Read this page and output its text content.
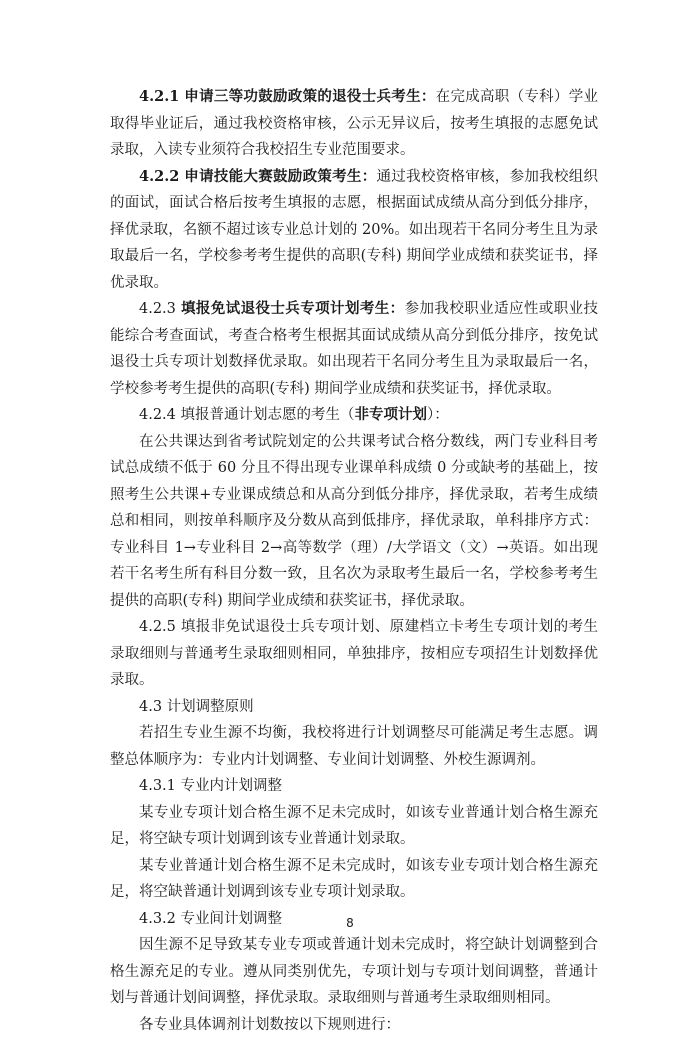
4.2.1 申请三等功鼓励政策的退役士兵考生：在完成高职（专科）学业取得毕业证后，通过我校资格审核，公示无异议后，按考生填报的志愿免试录取，入读专业须符合我校招生专业范围要求。

4.2.2 申请技能大赛鼓励政策考生：通过我校资格审核，参加我校组织的面试，面试合格后按考生填报的志愿，根据面试成绩从高分到低分排序，择优录取，名额不超过该专业总计划的 20%。如出现若干名同分考生且为录取最后一名，学校参考考生提供的高职(专科) 期间学业成绩和获奖证书，择优录取。

4.2.3 填报免试退役士兵专项计划考生：参加我校职业适应性或职业技能综合考查面试，考查合格考生根据其面试成绩从高分到低分排序，按免试退役士兵专项计划数择优录取。如出现若干名同分考生且为录取最后一名，学校参考考生提供的高职(专科) 期间学业成绩和获奖证书，择优录取。

4.2.4 填报普通计划志愿的考生（非专项计划）：

在公共课达到省考试院划定的公共课考试合格分数线，两门专业科目考试总成绩不低于 60 分且不得出现专业课单科成绩 0 分或缺考的基础上，按照考生公共课+专业课成绩总和从高分到低分排序，择优录取，若考生成绩总和相同，则按单科顺序及分数从高到低排序，择优录取，单科排序方式：专业科目 1→专业科目 2→高等数学（理）/大学语文（文）→英语。如出现若干名考生所有科目分数一致，且名次为录取考生最后一名，学校参考考生提供的高职(专科) 期间学业成绩和获奖证书，择优录取。

4.2.5 填报非免试退役士兵专项计划、原建档立卡考生专项计划的考生录取细则与普通考生录取细则相同，单独排序，按相应专项招生计划数择优录取。

4.3 计划调整原则

若招生专业生源不均衡，我校将进行计划调整尽可能满足考生志愿。调整总体顺序为：专业内计划调整、专业间计划调整、外校生源调剂。

4.3.1 专业内计划调整

某专业专项计划合格生源不足未完成时，如该专业普通计划合格生源充足，将空缺专项计划调到该专业普通计划录取。

某专业普通计划合格生源不足未完成时，如该专业专项计划合格生源充足，将空缺普通计划调到该专业专项计划录取。

4.3.2 专业间计划调整

因生源不足导致某专业专项或普通计划未完成时，将空缺计划调整到合格生源充足的专业。遵从同类别优先，专项计划与专项计划间调整，普通计划与普通计划间调整，择优录取。录取细则与普通考生录取细则相同。

各专业具体调剂计划数按以下规则进行：

8
